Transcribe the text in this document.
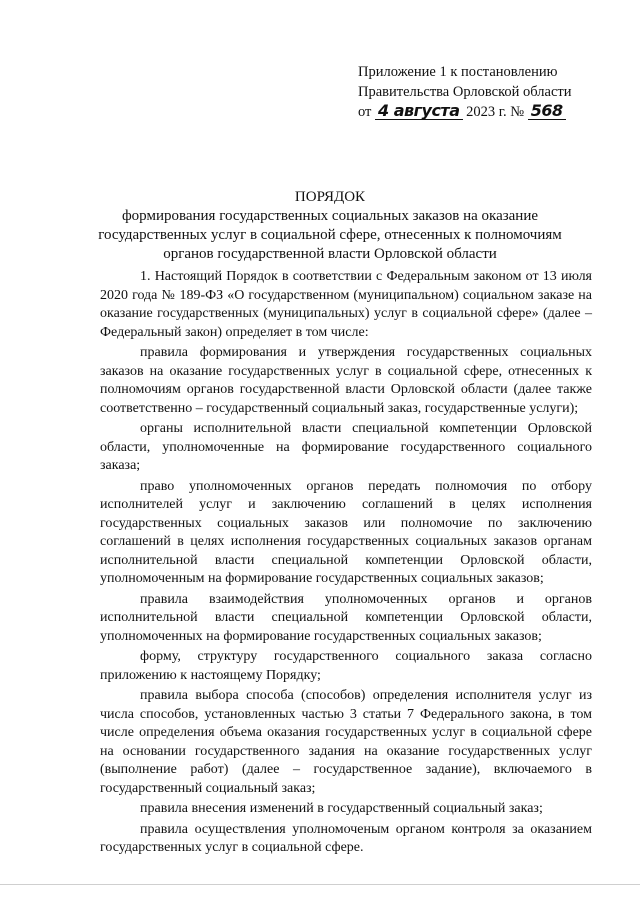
Приложение 1 к постановлению
Правительства Орловской области
от 4 августа 2023 г. № 568
ПОРЯДОК
формирования государственных социальных заказов на оказание государственных услуг в социальной сфере, отнесенных к полномочиям органов государственной власти Орловской области

1. Настоящий Порядок в соответствии с Федеральным законом от 13 июля 2020 года № 189-ФЗ «О государственном (муниципальном) социальном заказе на оказание государственных (муниципальных) услуг в социальной сфере» (далее – Федеральный закон) определяет в том числе:

правила формирования и утверждения государственных социальных заказов на оказание государственных услуг в социальной сфере, отнесенных к полномочиям органов государственной власти Орловской области (далее также соответственно – государственный социальный заказ, государственные услуги);

органы исполнительной власти специальной компетенции Орловской области, уполномоченные на формирование государственного социального заказа;

право уполномоченных органов передать полномочия по отбору исполнителей услуг и заключению соглашений в целях исполнения государственных социальных заказов или полномочие по заключению соглашений в целях исполнения государственных социальных заказов органам исполнительной власти специальной компетенции Орловской области, уполномоченным на формирование государственных социальных заказов;

правила взаимодействия уполномоченных органов и органов исполнительной власти специальной компетенции Орловской области, уполномоченных на формирование государственных социальных заказов;

форму, структуру государственного социального заказа согласно приложению к настоящему Порядку;

правила выбора способа (способов) определения исполнителя услуг из числа способов, установленных частью 3 статьи 7 Федерального закона, в том числе определения объема оказания государственных услуг в социальной сфере на основании государственного задания на оказание государственных услуг (выполнение работ) (далее – государственное задание), включаемого в государственный социальный заказ;

правила внесения изменений в государственный социальный заказ;

правила осуществления уполномоченым органом контроля за оказанием государственных услуг в социальной сфере.
